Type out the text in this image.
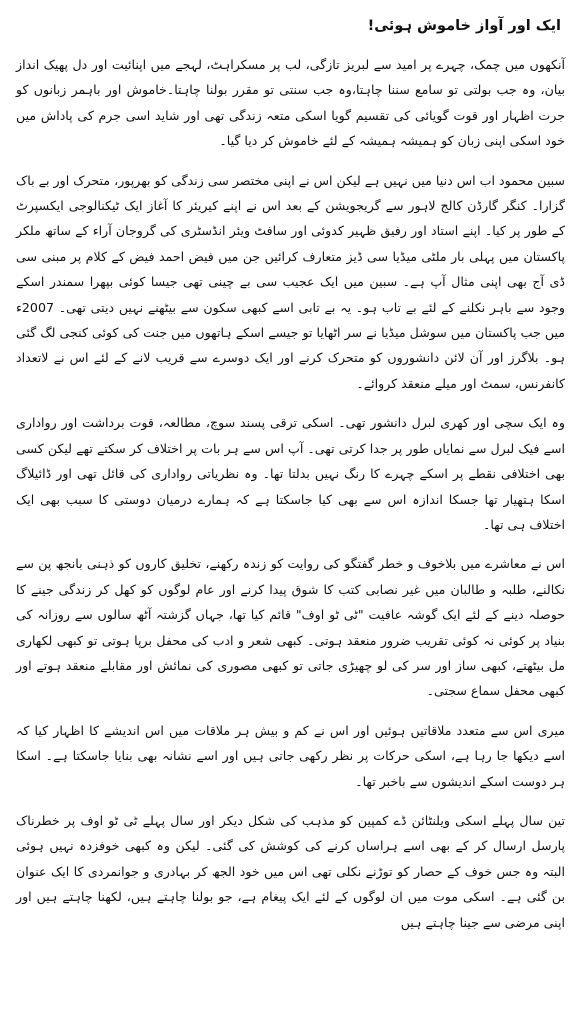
ایک اور آواز خاموش ہوئی!

آنکھوں میں چمک، چہرے پر امید سے لبریز تازگی، لب پر مسکراہٹ، لہجے میں اپنائیت اور دل پھیک انداز بیان، وہ جب بولتی تو سامع سننا چاہتا،وہ جب سنتی تو مقرر بولنا چاہتا۔خاموش اور باہمر زبانوں کو جرت اظہار اور قوت گویائی کی تقسیم گویا اسکی متعہ زندگی تھی اور شاید اسی جرم کی پاداش میں خود اسکی اپنی زبان کو ہمیشہ ہمیشہ کے لئے خاموش کر دیا گیا۔

سبین محمود اب اس دنیا میں نہیں ہے لیکن اس نے اپنی مختصر سی زندگی کو بھرپور، متحرک اور بے باک گزارا۔ کنگر گارڈن کالج لاہور سے گریجویشن کے بعد اس نے اپنے کیریئر کا آغاز ایک ٹیکنالوجی ایکسپرٹ کے طور پر کیا۔ اپنے استاد اور رفیق ظہیر کدوئی اور سافٹ ویئر انڈسٹری کی گروجان آراء کے ساتھ ملکر پاکستان میں پہلی بار ملٹی میڈیا سی ڈیز متعارف کرائیں جن میں فیض احمد فیض کے کلام پر مبنی سی ڈی آج بھی اپنی مثال آپ ہے۔ سبین میں ایک عجیب سی بے چینی تھی جیسا کوئی بپھرا سمندر اسکے وجود سے باہر نکلنے کے لئے بے تاب ہو۔ یہ بے تابی اسے کبھی سکون سے بیٹھنے نہیں دیتی تھی۔ 2007ء میں جب پاکستان میں سوشل میڈیا نے سر اٹھایا تو جیسے اسکے ہاتھوں میں جنت کی کوئی کنجی لگ گئی ہو۔ بلاگرز اور آن لائن دانشوروں کو متحرک کرنے اور ایک دوسرے سے قریب لانے کے لئے اس نے لاتعداد کانفرنس، سمٹ اور میلے منعقد کروائے۔

وہ ایک سچی اور کھری لبرل دانشور تھی۔ اسکی ترقی پسند سوچ، مطالعہ، قوت برداشت اور رواداری اسے فیک لبرل سے نمایاں طور پر جدا کرتی تھی۔ آپ اس سے ہر بات پر اختلاف کر سکتے تھے لیکن کسی بھی اختلافی نقطے پر اسکے چہرے کا رنگ نہیں بدلتا تھا۔ وہ نظریاتی رواداری کی قائل تھی اور ڈائیلاگ اسکا ہتھیار تھا جسکا اندازہ اس سے بھی کیا جاسکتا ہے کہ ہمارے درمیان دوستی کا سبب بھی ایک اختلاف ہی تھا۔

اس نے معاشرے میں بلاخوف و خطر گفتگو کی روایت کو زندہ رکھنے، تخلیق کاروں کو ذہنی بانجھ پن سے نکالنے، طلبہ و طالبان میں غیر نصابی کتب کا شوق پیدا کرنے اور عام لوگوں کو کھل کر زندگی جینے کا حوصلہ دینے کے لئے ایک گوشہ عافیت "ٹی ٹو اوف" قائم کیا تھا، جہاں گزشتہ آٹھ سالوں سے روزانہ کی بنیاد پر کوئی نہ کوئی تقریب ضرور منعقد ہوتی۔ کبھی شعر و ادب کی محفل برپا ہوتی تو کبھی لکھاری مل بیٹھتے، کبھی ساز اور سر کی لو چھیڑی جاتی تو کبھی مصوری کی نمائش اور مقابلے منعقد ہوتے اور کبھی محفل سماع سجتی۔

میری اس سے متعدد ملاقاتیں ہوئیں اور اس نے کم و بیش ہر ملاقات میں اس اندیشے کا اظہار کیا کہ اسے دیکھا جا رہا ہے، اسکی حرکات پر نظر رکھی جاتی ہیں اور اسے نشانہ بھی بنایا جاسکتا ہے۔ اسکا ہر دوست اسکے اندیشوں سے باخبر تھا۔

تین سال پہلے اسکی ویلنٹائن ڈے کمپین کو مذہب کی شکل دیکر اور سال پہلے ٹی ٹو اوف پر خطرناک پارسل ارسال کر کے بھی اسے ہراساں کرنے کی کوشش کی گئی۔ لیکن وہ کبھی خوفزدہ نہیں ہوئی البتہ وہ جس خوف کے حصار کو توڑنے نکلی تھی اس میں خود الجھ کر بہادری و جوانمردی کا ایک عنوان بن گئی ہے۔ اسکی موت میں ان لوگوں کے لئے ایک پیغام ہے، جو بولنا چاہتے ہیں، لکھنا چاہتے ہیں اور اپنی مرضی سے جینا چاہتے ہیں
